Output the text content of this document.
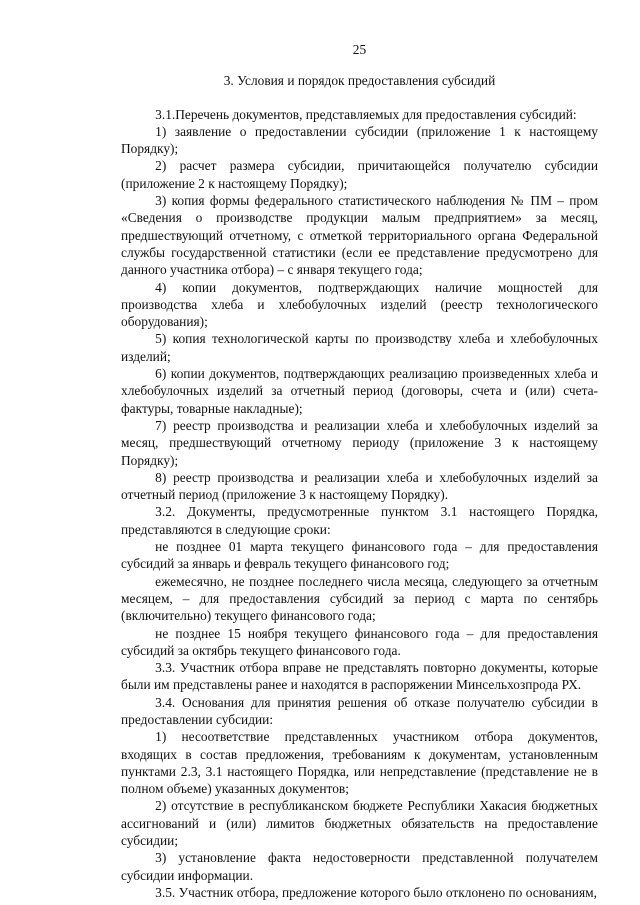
25
3. Условия и порядок предоставления субсидий

3.1.Перечень документов, представляемых для предоставления субсидий:

1) заявление о предоставлении субсидии (приложение 1 к настоящему Порядку);

2) расчет размера субсидии, причитающейся получателю субсидии (приложение 2 к настоящему Порядку);

3) копия формы федерального статистического наблюдения № ПМ – пром «Сведения о производстве продукции малым предприятием» за месяц, предшествующий отчетному, с отметкой территориального органа Федеральной службы государственной статистики (если ее представление предусмотрено для данного участника отбора) – с января текущего года;

4) копии документов, подтверждающих наличие мощностей для производства хлеба и хлебобулочных изделий (реестр технологического оборудования);

5) копия технологической карты по производству хлеба и хлебобулочных изделий;

6) копии документов, подтверждающих реализацию произведенных хлеба и хлебобулочных изделий за отчетный период (договоры, счета и (или) счета-фактуры, товарные накладные);

7) реестр производства и реализации хлеба и хлебобулочных изделий за месяц, предшествующий отчетному периоду (приложение 3 к настоящему Порядку);

8) реестр производства и реализации хлеба и хлебобулочных изделий за отчетный период (приложение 3 к настоящему Порядку).

3.2. Документы, предусмотренные пунктом 3.1 настоящего Порядка, представляются в следующие сроки:

не позднее 01 марта текущего финансового года – для предоставления субсидий за январь и февраль текущего финансового год;

ежемесячно, не позднее последнего числа месяца, следующего за отчетным месяцем, – для предоставления субсидий за период с марта по сентябрь (включительно) текущего финансового года;

не позднее 15 ноября текущего финансового года – для предоставления субсидий за октябрь текущего финансового года.

3.3. Участник отбора вправе не представлять повторно документы, которые были им представлены ранее и находятся в распоряжении Минсельхозпрода РХ.

3.4. Основания для принятия решения об отказе получателю субсидии в предоставлении субсидии:

1) несоответствие представленных участником отбора документов, входящих в состав предложения, требованиям к документам, установленным пунктами 2.3, 3.1 настоящего Порядка, или непредставление (представление не в полном объеме) указанных документов;

2) отсутствие в республиканском бюджете Республики Хакасия бюджетных ассигнований и (или) лимитов бюджетных обязательств на предоставление субсидии;

3) установление факта недостоверности представленной получателем субсидии информации.

3.5. Участник отбора, предложение которого было отклонено по основаниям,
